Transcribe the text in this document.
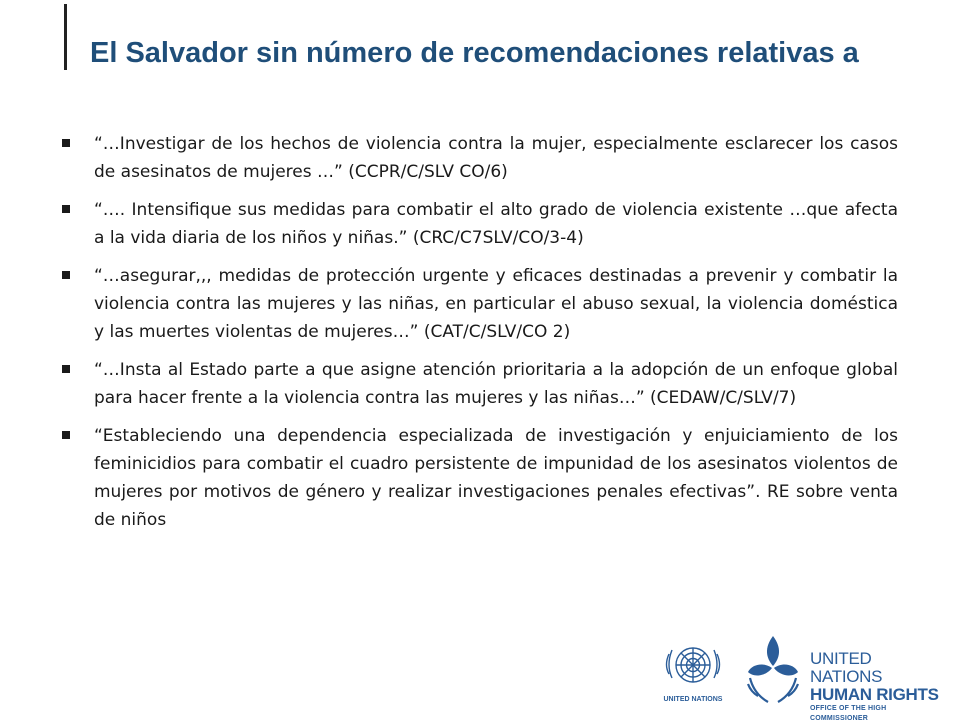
El Salvador sin número de recomendaciones relativas a
“…Investigar de los hechos de violencia contra la mujer, especialmente esclarecer los casos de asesinatos de mujeres …” (CCPR/C/SLV CO/6)
“…. Intensifique sus medidas para combatir el alto grado de violencia existente …que afecta a la vida diaria de los niños y niñas.” (CRC/C7SLV/CO/3-4)
“…asegurar,,, medidas de protección urgente y eficaces destinadas a prevenir y combatir la violencia contra las mujeres y las niñas, en particular el abuso sexual, la violencia doméstica y las muertes violentas de mujeres…” (CAT/C/SLV/CO 2)
“…Insta al Estado parte a que asigne atención prioritaria a la adopción de un enfoque global para hacer frente a la violencia contra las mujeres y las niñas…” (CEDAW/C/SLV/7)
“Estableciendo una dependencia especializada de investigación y enjuiciamiento de los feminicidios para combatir el cuadro persistente de impunidad de los asesinatos violentos de mujeres por motivos de género y realizar investigaciones penales efectivas”. RE sobre venta de niños
UNITED NATIONS
UNITED NATIONS
HUMAN RIGHTS
OFFICE OF THE HIGH COMMISSIONER
